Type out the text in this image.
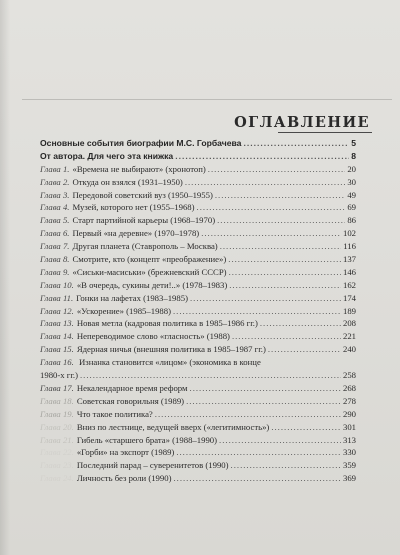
ОГЛАВЛЕНИЕ
Основные события биографии М.С. Горбачева .....	5
От автора. Для чего эта книжка .....	8
Глава 1. «Времена не выбирают» (хронотоп) .....	20
Глава 2. Откуда он взялся (1931–1950) .....	30
Глава 3. Передовой советский вуз (1950–1955) .....	49
Глава 4. Музей, которого нет (1955–1968) .....	69
Глава 5. Старт партийной карьеры (1968–1970) .....	86
Глава 6. Первый «на деревне» (1970–1978) .....	102
Глава 7. Другая планета (Ставрополь – Москва) .....	116
Глава 8. Смотрите, кто (концепт «преображение») .....	137
Глава 9. «Сиськи-масиськи» (брежневский СССР) .....	146
Глава 10. «В очередь, сукины дети!..» (1978–1983) .....	162
Глава 11. Гонки на лафетах (1983–1985) .....	174
Глава 12. «Ускорение» (1985–1988) .....	189
Глава 13. Новая метла (кадровая политика в 1985–1986 гг.) .....	208
Глава 14. Непереводимое слово «гласность» (1988) .....	221
Глава 15. Ядерная ничья (внешняя политика в 1985–1987 гг.) .....	240
Глава 16. Изнанка становится «лицом» (экономика в конце
1980-х гг.) .....	258
Глава 17. Некалендарное время реформ .....	268
Глава 18. Советская говорильня (1989) .....	278
Глава 19. Что такое политика? .....	290
Глава 20. Вниз по лестнице, ведущей вверх («легитимность») .....	301
Глава 21. Гибель «старшего брата» (1988–1990) .....	313
Глава 22. «Горби» на экспорт (1989) .....	330
Глава 23. Последний парад – суверенитетов (1990) .....	359
Глава 24. Личность без роли (1990) .....	369
